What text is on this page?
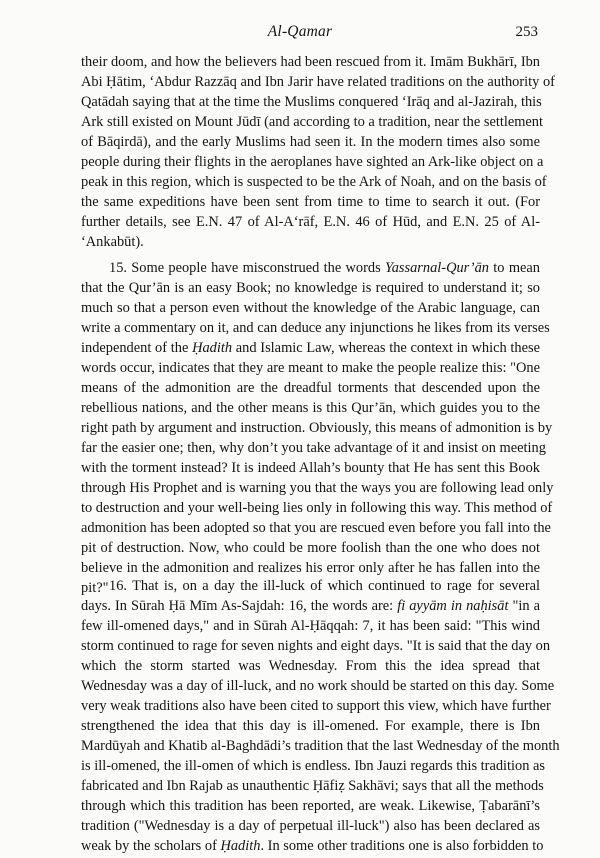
Al-Qamar	253
their doom, and how the believers had been rescued from it. Imām Bukhārī, Ibn
Abi Ḥātim, ‘Abdur Razzāq and Ibn Jarir have related traditions on the authority of
Qatādah saying that at the time the Muslims conquered ‘Irāq and al-Jazirah, this
Ark still existed on Mount Jūdī (and according to a tradition, near the settlement
of Bāqirdā), and the early Muslims had seen it. In the modern times also some
people during their flights in the aeroplanes have sighted an Ark-like object on a
peak in this region, which is suspected to be the Ark of Noah, and on the basis of
the same expeditions have been sent from time to time to search it out. (For
further details, see E.N. 47 of Al-A‘rāf, E.N. 46 of Hūd, and E.N. 25 of Al-
‘Ankabūt).
15. Some people have misconstrued the words Yassarnal-Qur’ān to mean
that the Qur’ān is an easy Book; no knowledge is required to understand it; so
much so that a person even without the knowledge of the Arabic language, can
write a commentary on it, and can deduce any injunctions he likes from its verses
independent of the Ḥadith and Islamic Law, whereas the context in which these
words occur, indicates that they are meant to make the people realize this: "One
means of the admonition are the dreadful torments that descended upon the
rebellious nations, and the other means is this Qur’ān, which guides you to the
right path by argument and instruction. Obviously, this means of admonition is by
far the easier one; then, why don’t you take advantage of it and insist on meeting
with the torment instead? It is indeed Allah’s bounty that He has sent this Book
through His Prophet and is warning you that the ways you are following lead only
to destruction and your well-being lies only in following this way. This method of
admonition has been adopted so that you are rescued even before you fall into the
pit of destruction. Now, who could be more foolish than the one who does not
believe in the admonition and realizes his error only after he has fallen into the
pit?" 16. That is, on a day the ill-luck of which continued to rage for several
days. In Sūrah Ḥā Mīm As-Sajdah: 16, the words are: fi ayyām in naḥisāt "in a
few ill-omened days," and in Sūrah Al-Ḥāqqah: 7, it has been said: "This wind
storm continued to rage for seven nights and eight days. "It is said that the day on
which the storm started was Wednesday. From this the idea spread that
Wednesday was a day of ill-luck, and no work should be started on this day. Some
very weak traditions also have been cited to support this view, which have further
strengthened the idea that this day is ill-omened. For example, there is Ibn
Mardūyah and Khatib al-Baghdādi’s tradition that the last Wednesday of the month
is ill-omened, the ill-omen of which is endless. Ibn Jauzi regards this tradition as
fabricated and Ibn Rajab as unauthentic Ḥāfiẓ Sakhāvi; says that all the methods
through which this tradition has been reported, are weak. Likewise, Ṭabarānī’s
tradition ("Wednesday is a day of perpetual ill-luck") also has been declared as
weak by the scholars of Ḥadith. In some other traditions one is also forbidden to
